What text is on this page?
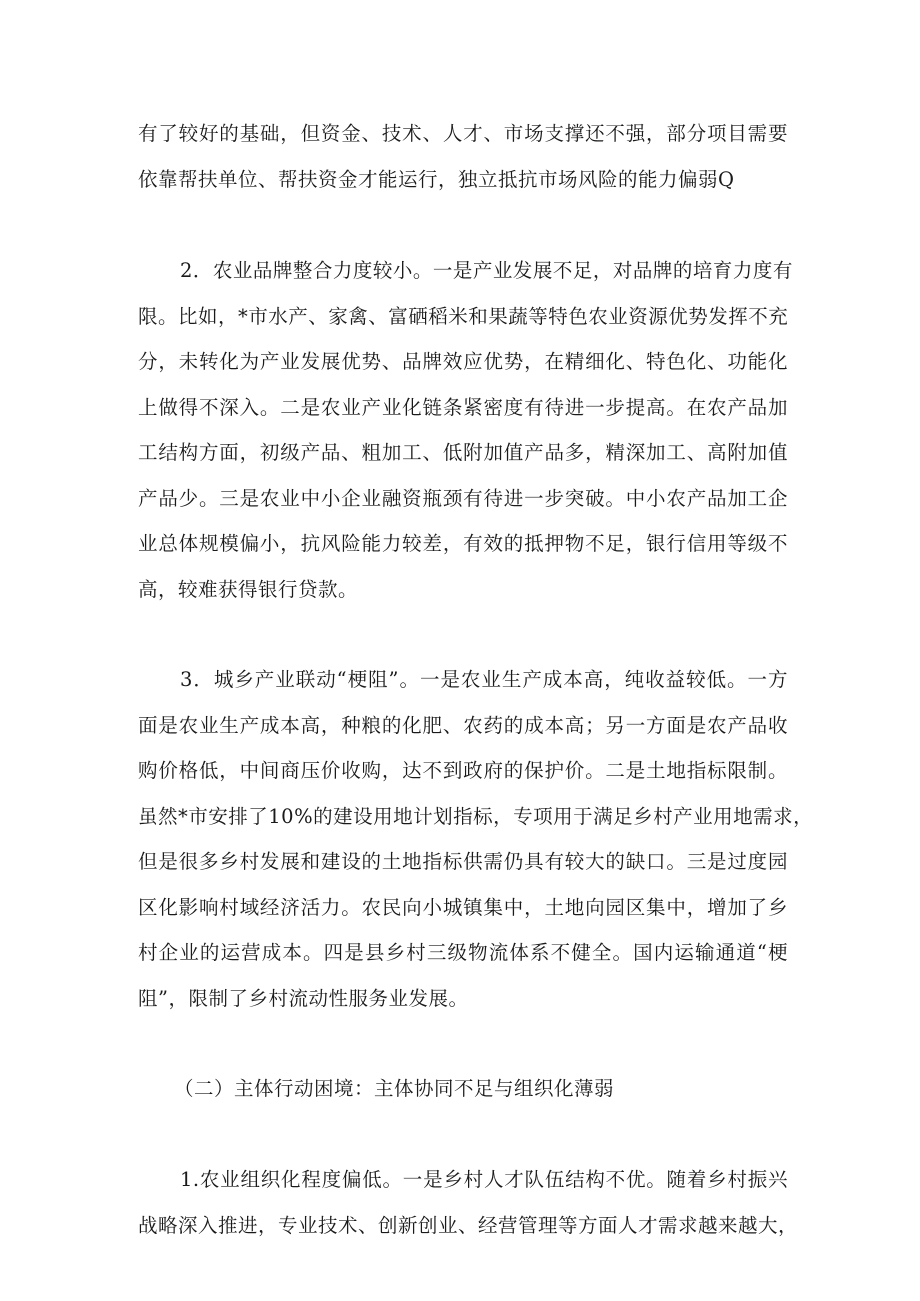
有了较好的基础，但资金、技术、人才、市场支撑还不强，部分项目需要
依靠帮扶单位、帮扶资金才能运行，独立抵抗市场风险的能力偏弱Q
2．农业品牌整合力度较小。一是产业发展不足，对品牌的培育力度有
限。比如，*市水产、家禽、富硒稻米和果蔬等特色农业资源优势发挥不充
分，未转化为产业发展优势、品牌效应优势，在精细化、特色化、功能化
上做得不深入。二是农业产业化链条紧密度有待进一步提高。在农产品加
工结构方面，初级产品、粗加工、低附加值产品多，精深加工、高附加值
产品少。三是农业中小企业融资瓶颈有待进一步突破。中小农产品加工企
业总体规模偏小，抗风险能力较差，有效的抵押物不足，银行信用等级不
高，较难获得银行贷款。
3．城乡产业联动“梗阻”。一是农业生产成本高，纯收益较低。一方
面是农业生产成本高，种粮的化肥、农药的成本高；另一方面是农产品收
购价格低，中间商压价收购，达不到政府的保护价。二是土地指标限制。
虽然*市安排了10%的建设用地计划指标，专项用于满足乡村产业用地需求，
但是很多乡村发展和建设的土地指标供需仍具有较大的缺口。三是过度园
区化影响村域经济活力。农民向小城镇集中，土地向园区集中，增加了乡
村企业的运营成本。四是县乡村三级物流体系不健全。国内运输通道“梗
阻”，限制了乡村流动性服务业发展。
（二）主体行动困境：主体协同不足与组织化薄弱
1.农业组织化程度偏低。一是乡村人才队伍结构不优。随着乡村振兴
战略深入推进，专业技术、创新创业、经营管理等方面人才需求越来越大，
